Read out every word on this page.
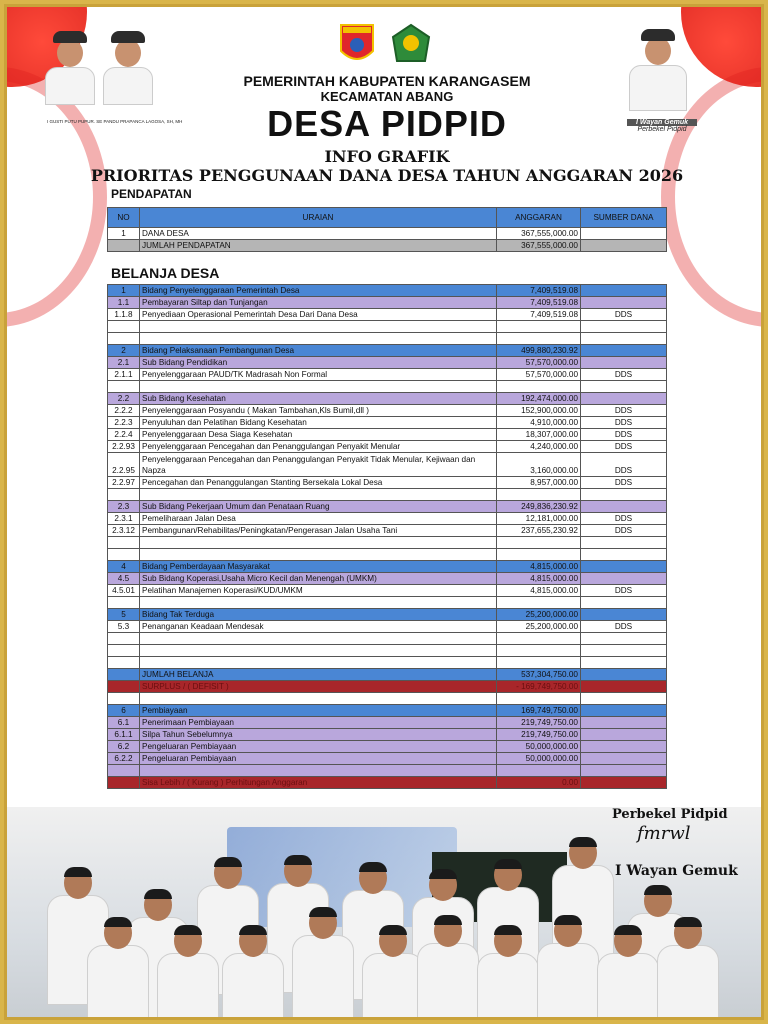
I GUSTI PUTU PUPUR. SE PANDU PRAPANCA LAGOSA, SH, MH	I Wayan Gemuk
Perbekel Pidpid
PEMERINTAH KABUPATEN KARANGASEM
KECAMATAN ABANG
DESA PIDPID
INFO GRAFIK
PRIORITAS PENGGUNAAN DANA DESA TAHUN ANGGARAN 2026
PENDAPATAN
NO	URAIAN	ANGGARAN	SUMBER DANA
1	DANA DESA	367,555,000.00	
	JUMLAH PENDAPATAN	367,555,000.00	
BELANJA DESA
1	Bidang Penyelenggaraan Pemerintah Desa	7,409,519.08	
1.1	Pembayaran Siltap dan Tunjangan	7,409,519.08	
1.1.8	Penyediaan Operasional Pemerintah Desa Dari Dana Desa	7,409,519.08	DDS

2	Bidang Pelaksanaan Pembangunan Desa	499,880,230.92	
2.1	Sub Bidang Pendidikan	57,570,000.00	
2.1.1	Penyelenggaraan PAUD/TK Madrasah Non Formal	57,570,000.00	DDS

2.2	Sub Bidang Kesehatan	192,474,000.00	
2.2.2	Penyelenggaraan Posyandu ( Makan Tambahan,Kls Bumil,dll )	152,900,000.00	DDS
2.2.3	Penyuluhan dan Pelatihan Bidang Kesehatan	4,910,000.00	DDS
2.2.4	Penyelenggaraan Desa Siaga Kesehatan	18,307,000.00	DDS
2.2.93	Penyelenggaraan Pencegahan dan Penanggulangan Penyakit Menular	4,240,000.00	DDS
2.2.95	Penyelenggaraan Pencegahan dan Penanggulangan Penyakit Tidak Menular, Kejiwaan dan Napza	3,160,000.00	DDS
2.2.97	Pencegahan dan Penanggulangan Stanting Bersekala Lokal Desa	8,957,000.00	DDS

2.3	Sub Bidang Pekerjaan Umum dan Penataan Ruang	249,836,230.92	
2.3.1	Pemeliharaan Jalan Desa	12,181,000.00	DDS
2.3.12	Pembangunan/Rehabilitas/Peningkatan/Pengerasan Jalan Usaha Tani	237,655,230.92	DDS

4	Bidang Pemberdayaan Masyarakat	4,815,000.00	
4.5	Sub Bidang Koperasi,Usaha Micro Kecil dan Menengah (UMKM)	4,815,000.00	
4.5.01	Pelatihan Manajemen Koperasi/KUD/UMKM	4,815,000.00	DDS

5	Bidang Tak Terduga	25,200,000.00	
5.3	Penanganan Keadaan Mendesak	25,200,000.00	DDS

	JUMLAH BELANJA	537,304,750.00	
	SURPLUS / ( DEFISIT )	- 169,749,750.00	

6	Pembiayaan	169,749,750.00	
6.1	Penerimaan Pembiayaan	219,749,750.00	
6.1.1	Silpa Tahun Sebelumnya	219,749,750.00	
6.2	Pengeluaran Pembiayaan	50,000,000.00	
6.2.2	Pengeluaran Pembiayaan	50,000,000.00	

	Sisa Lebih / ( Kurang ) Perhitungan Anggaran	0.00	
Perbekel Pidpid
fmrwl
I Wayan Gemuk
